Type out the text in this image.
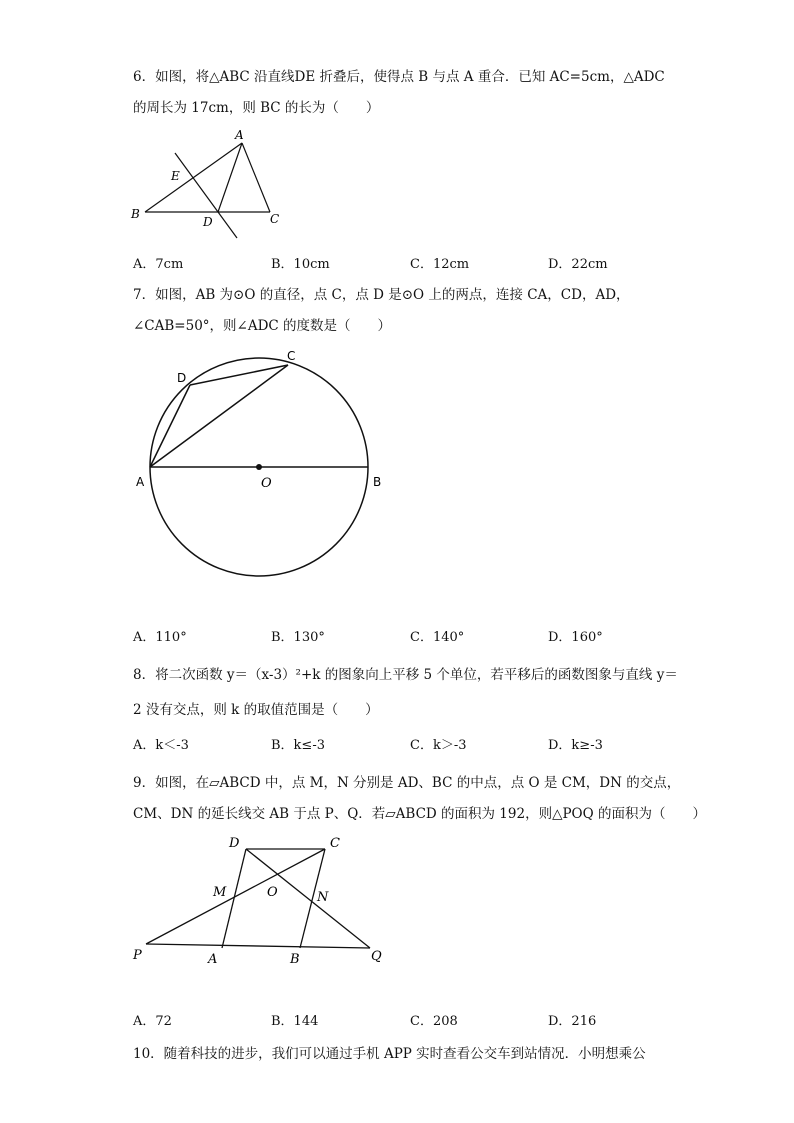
6．如图，将△ABC 沿直线DE 折叠后，使得点 B 与点 A 重合．已知 AC=5cm，△ADC
的周长为 17cm，则 BC 的长为（　　）
A
B	C
D
E
A．7cm	B．10cm	C．12cm	D．22cm
7．如图，AB 为⊙O 的直径，点 C，点 D 是⊙O 上的两点，连接 CA，CD，AD，
∠CAB=50°，则∠ADC 的度数是（　　）
A	B
C
D
O
A．110°	B．130°	C．140°	D．160°
8．将二次函数 y＝（x-3）²+k 的图象向上平移 5 个单位，若平移后的函数图象与直线 y＝
2 没有交点，则 k 的取值范围是（　　）
A．k＜-3	B．k≤-3	C．k＞-3	D．k≥-3
9．如图，在▱ABCD 中，点 M，N 分别是 AD、BC 的中点，点 O 是 CM，DN 的交点，
CM、DN 的延长线交 AB 于点 P、Q．若▱ABCD 的面积为 192，则△POQ 的面积为（　　）
D	C
M	O	N
P	A	B	Q
A．72	B．144	C．208	D．216
10．随着科技的进步，我们可以通过手机 APP 实时查看公交车到站情况．小明想乘公
